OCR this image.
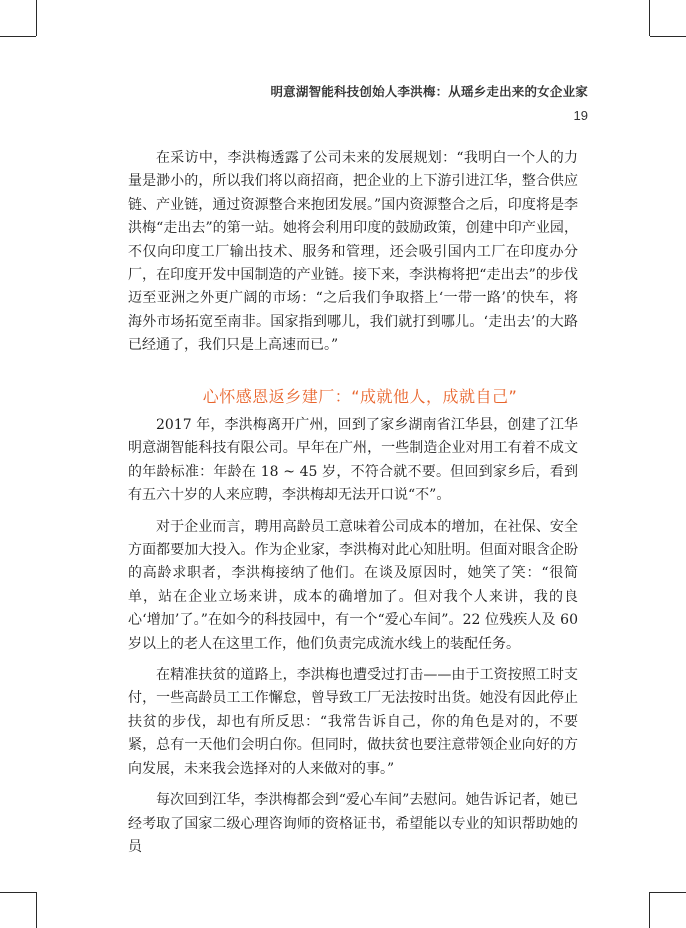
明意湖智能科技创始人李洪梅：从瑶乡走出来的女企业家
19

在采访中，李洪梅透露了公司未来的发展规划：“我明白一个人的力量是渺小的，所以我们将以商招商，把企业的上下游引进江华，整合供应链、产业链，通过资源整合来抱团发展。”国内资源整合之后，印度将是李洪梅“走出去”的第一站。她将会利用印度的鼓励政策，创建中印产业园，不仅向印度工厂输出技术、服务和管理，还会吸引国内工厂在印度办分厂，在印度开发中国制造的产业链。接下来，李洪梅将把“走出去”的步伐迈至亚洲之外更广阔的市场：“之后我们争取搭上‘一带一路’的快车，将海外市场拓宽至南非。国家指到哪儿，我们就打到哪儿。‘走出去’的大路已经通了，我们只是上高速而已。”

心怀感恩返乡建厂：“成就他人，成就自己”

2017 年，李洪梅离开广州，回到了家乡湖南省江华县，创建了江华明意湖智能科技有限公司。早年在广州，一些制造企业对用工有着不成文的年龄标准：年龄在 18 ~ 45 岁，不符合就不要。但回到家乡后，看到有五六十岁的人来应聘，李洪梅却无法开口说“不”。

对于企业而言，聘用高龄员工意味着公司成本的增加，在社保、安全方面都要加大投入。作为企业家，李洪梅对此心知肚明。但面对眼含企盼的高龄求职者，李洪梅接纳了他们。在谈及原因时，她笑了笑：“很简单，站在企业立场来讲，成本的确增加了。但对我个人来讲，我的良心‘增加’了。”在如今的科技园中，有一个“爱心车间”。22 位残疾人及 60 岁以上的老人在这里工作，他们负责完成流水线上的装配任务。

在精准扶贫的道路上，李洪梅也遭受过打击——由于工资按照工时支付，一些高龄员工工作懈怠，曾导致工厂无法按时出货。她没有因此停止扶贫的步伐，却也有所反思：“我常告诉自己，你的角色是对的，不要紧，总有一天他们会明白你。但同时，做扶贫也要注意带领企业向好的方向发展，未来我会选择对的人来做对的事。”

每次回到江华，李洪梅都会到“爱心车间”去慰问。她告诉记者，她已经考取了国家二级心理咨询师的资格证书，希望能以专业的知识帮助她的员
